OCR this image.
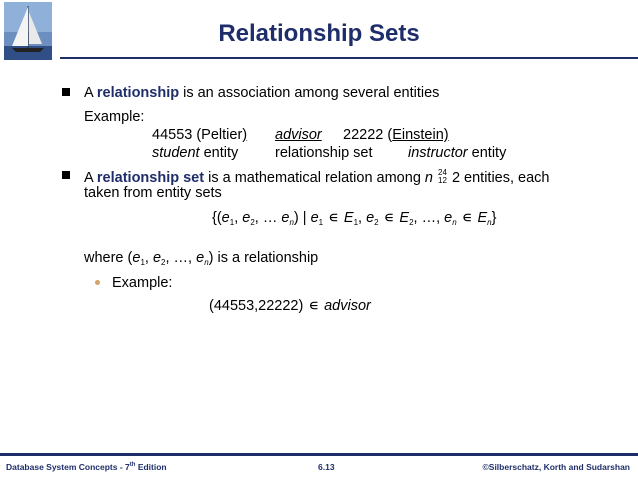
Relationship Sets
A relationship is an association among several entities
Example:
44553 (Peltier) advisor 22222 (Einstein)
student entity	relationship set instructor entity
A relationship set is a mathematical relation among n 24
12 2 entities, each
taken from entity sets
{($e_1$, $e_2$, … $e_n$) | $e_1$ ∈ $E_1$, $e_2$ ∈ $E_2$, …, $e_n$ ∈ $E_n$}
where ($e_1$, $e_2$, …, $e_n$) is a relationship
Example:
(44553,22222) ∈ advisor
Database System Concepts - 7th Edition	6.13	©Silberschatz, Korth and Sudarshan
